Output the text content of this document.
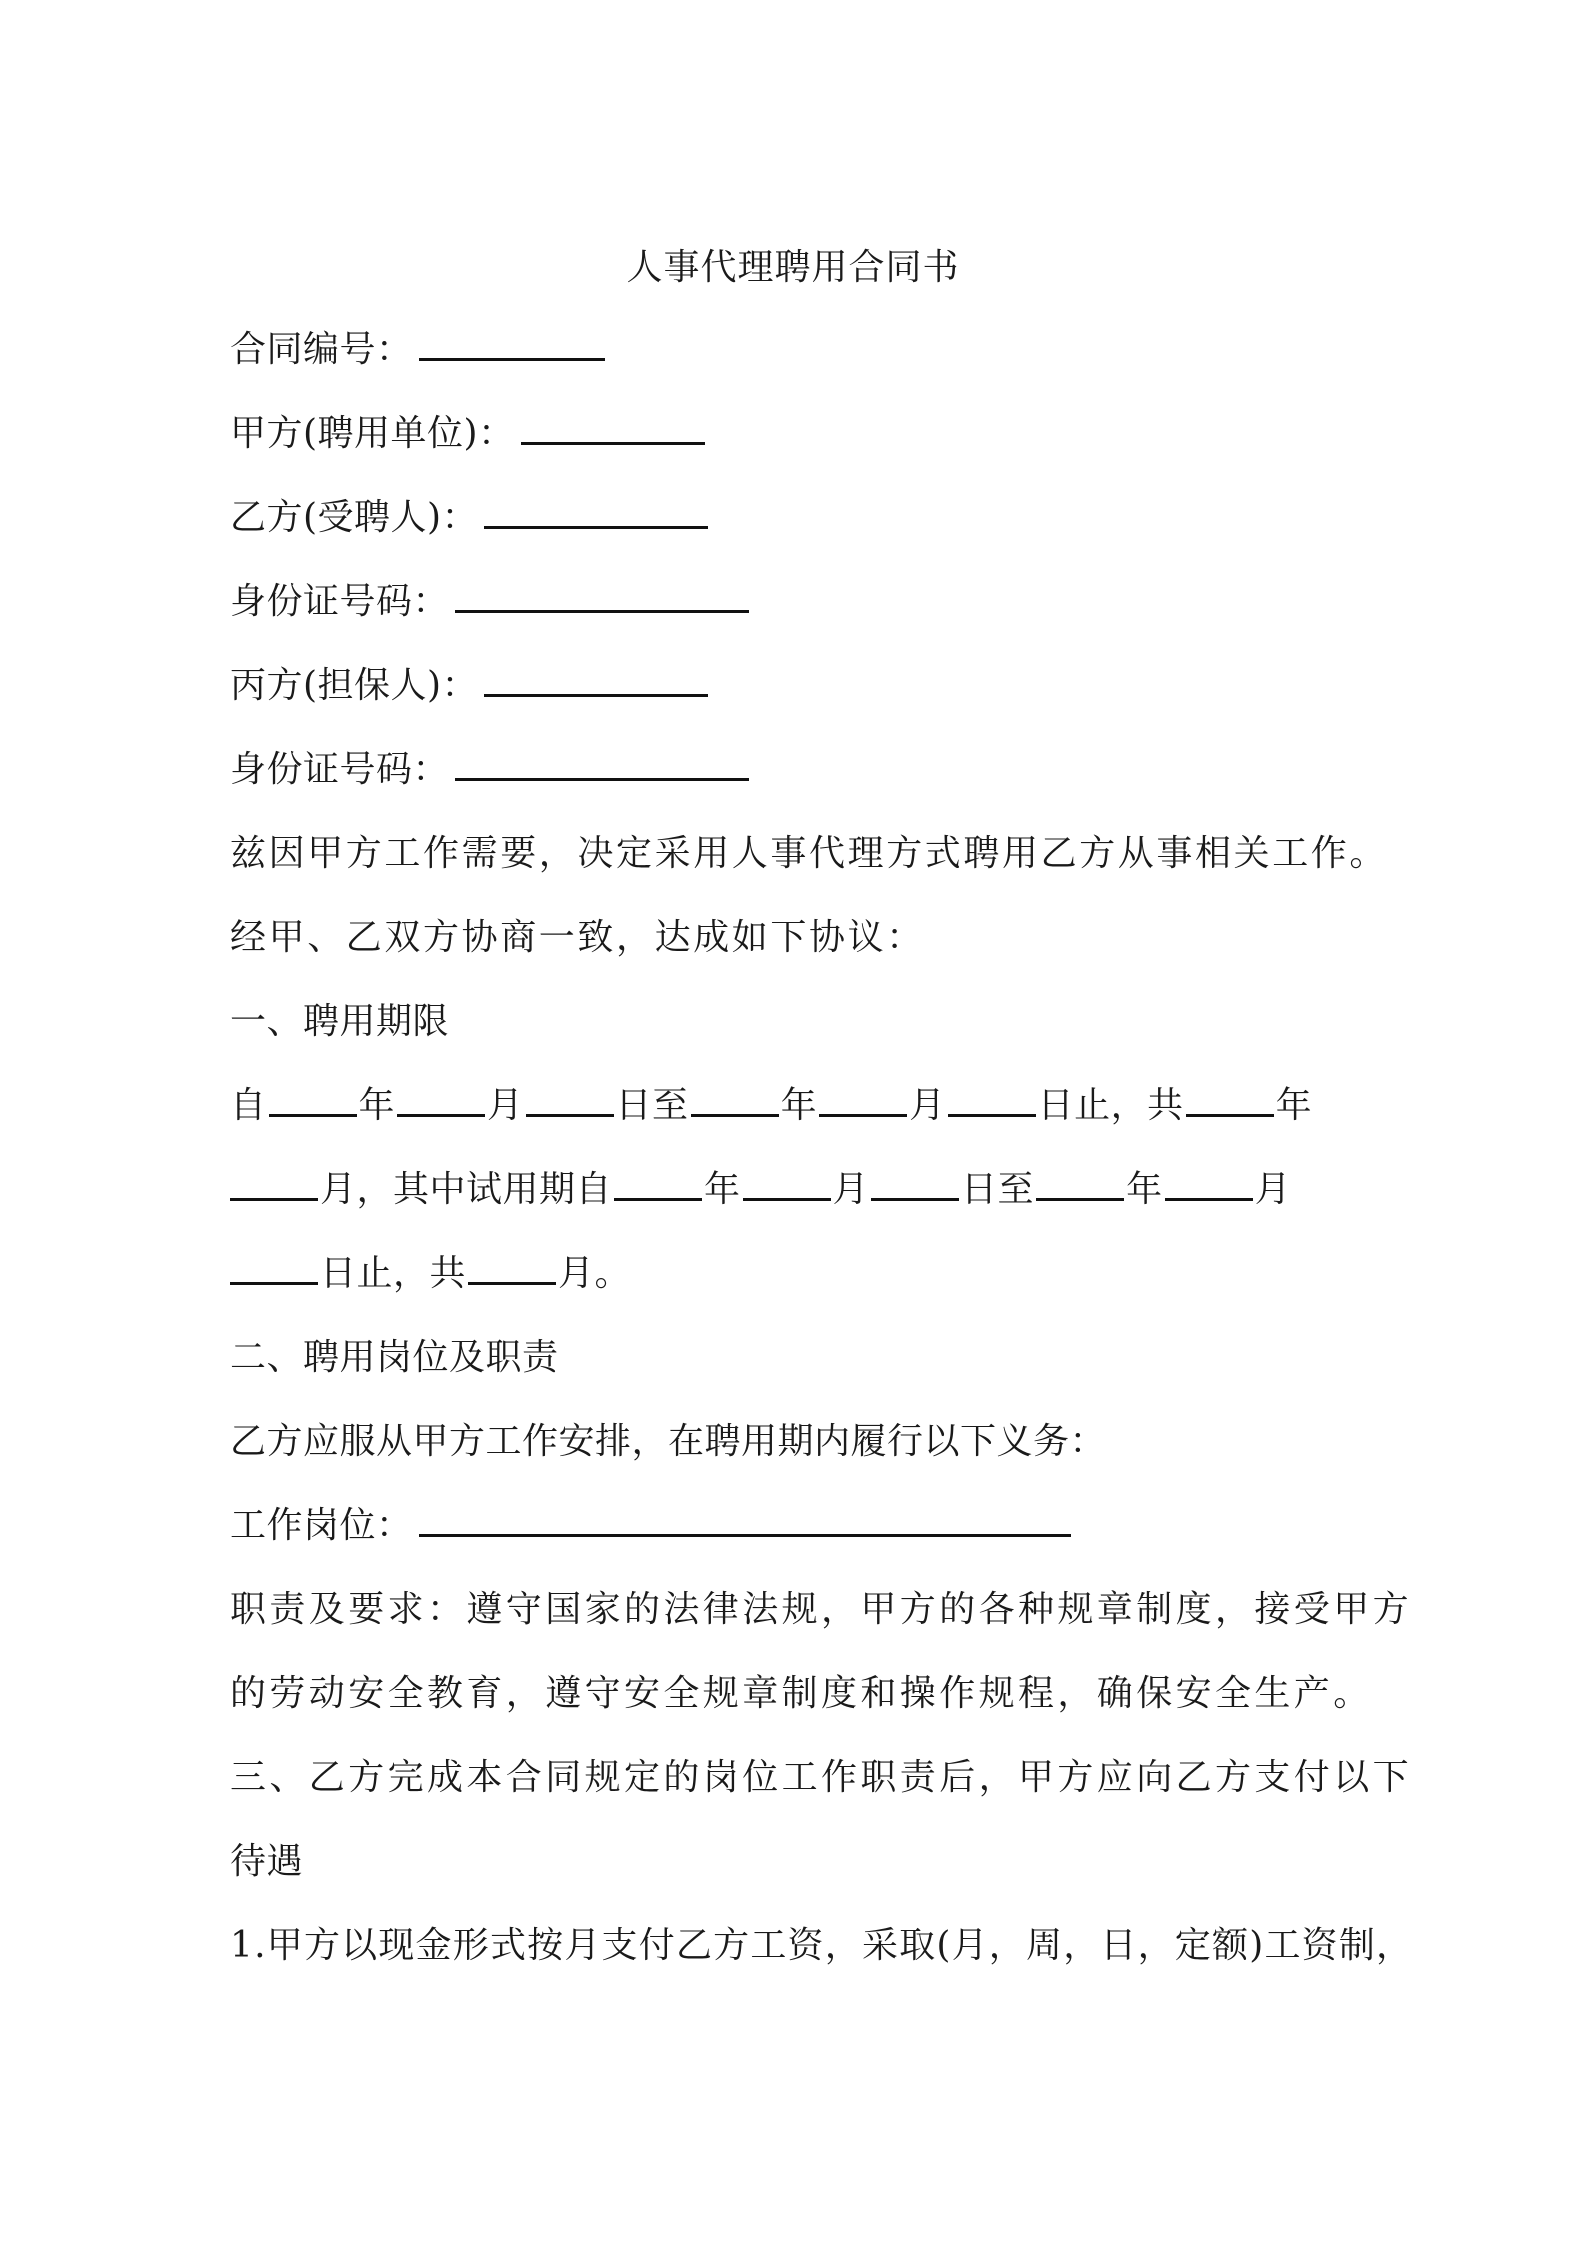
人事代理聘用合同书
合同编号：
甲方(聘用单位)：
乙方(受聘人)：
身份证号码：
丙方(担保人)：
身份证号码：
兹因甲方工作需要，决定采用人事代理方式聘用乙方从事相关工作。
经甲、乙双方协商一致，达成如下协议：
一、聘用期限
自	年	月	日至	年	月	日止，共	年
月，其中试用期自	年	月	日至	年	月
日止，共	月。
二、聘用岗位及职责
乙方应服从甲方工作安排，在聘用期内履行以下义务：
工作岗位：
职责及要求：遵守国家的法律法规，甲方的各种规章制度，接受甲方
的劳动安全教育，遵守安全规章制度和操作规程，确保安全生产。
三、乙方完成本合同规定的岗位工作职责后，甲方应向乙方支付以下
待遇
1.甲方以现金形式按月支付乙方工资，采取(月，周，日，定额)工资制，
